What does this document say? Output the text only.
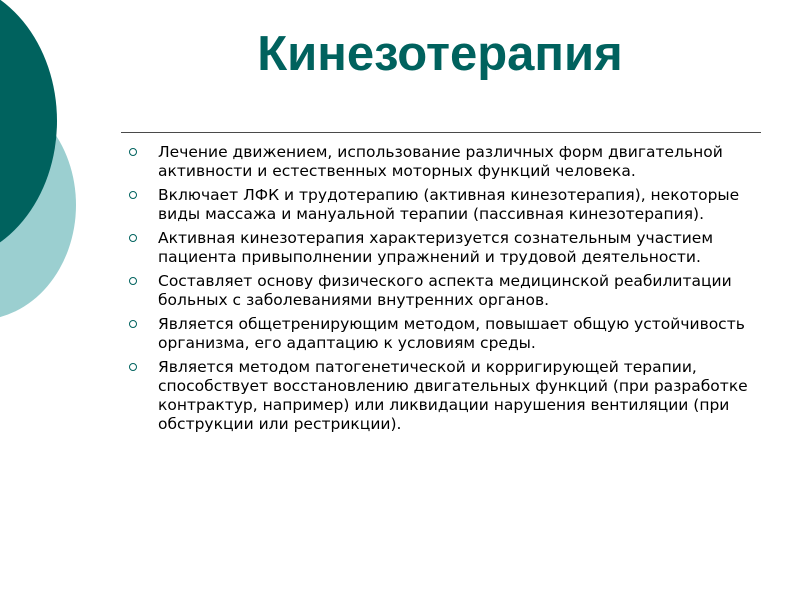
Кинезотерапия
Лечение движением, использование различных форм двигательной активности и естественных моторных функций человека.
Включает ЛФК и трудотерапию (активная кинезотерапия), некоторые виды массажа и мануальной терапии (пассивная кинезотерапия).
Активная кинезотерапия характеризуется сознательным участием пациента привыполнении упражнений и трудовой деятельности.
Составляет основу физического аспекта медицинской реабилитации больных с заболеваниями внутренних органов.
Является общетренирующим методом, повышает общую устойчивость организма, его адаптацию к условиям среды.
Является методом патогенетической и корригирующей терапии, способствует восстановлению двигательных функций (при разработке контрактур, например) или ликвидации нарушения вентиляции (при обструкции или рестрикции).
